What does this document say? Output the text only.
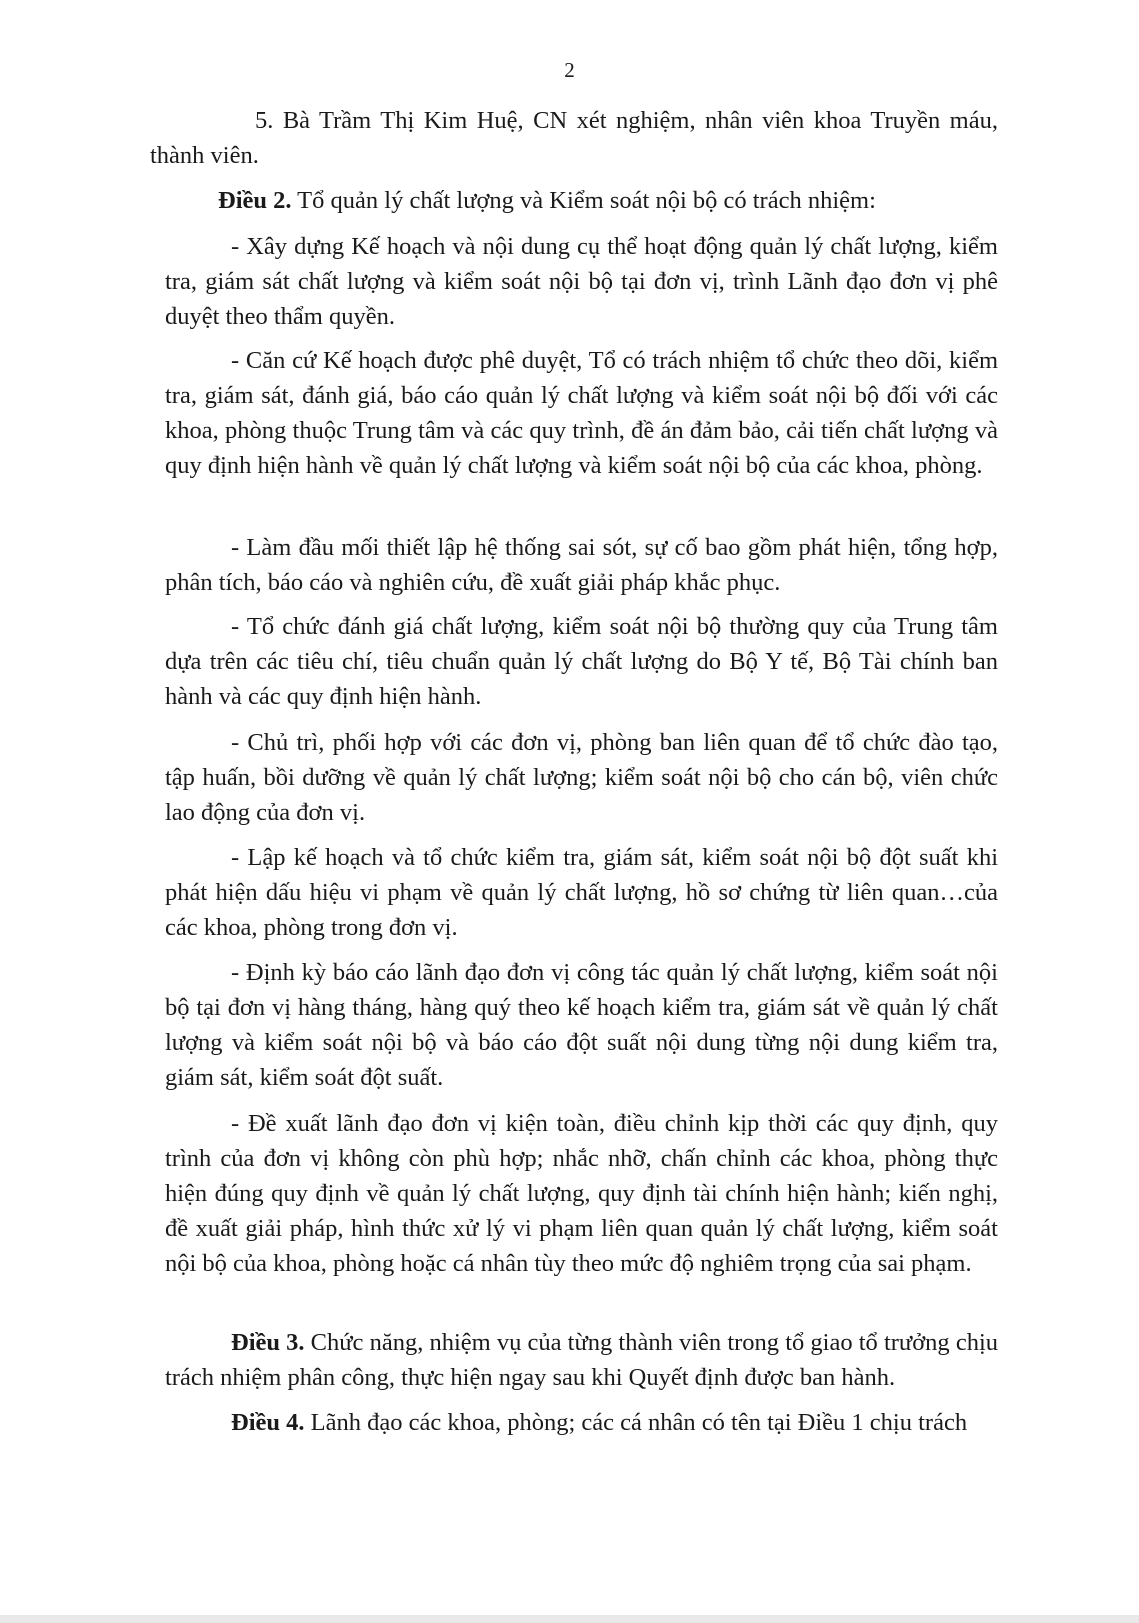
2

5. Bà Trầm Thị Kim Huệ, CN xét nghiệm, nhân viên khoa Truyền máu, thành viên.

Điều 2. Tổ quản lý chất lượng và Kiểm soát nội bộ có trách nhiệm:

- Xây dựng Kế hoạch và nội dung cụ thể hoạt động quản lý chất lượng, kiểm tra, giám sát chất lượng và kiểm soát nội bộ tại đơn vị, trình Lãnh đạo đơn vị phê duyệt theo thẩm quyền.

- Căn cứ Kế hoạch được phê duyệt, Tổ có trách nhiệm tổ chức theo dõi, kiểm tra, giám sát, đánh giá, báo cáo quản lý chất lượng và kiểm soát nội bộ đối với các khoa, phòng thuộc Trung tâm và các quy trình, đề án đảm bảo, cải tiến chất lượng và quy định hiện hành về quản lý chất lượng và kiểm soát nội bộ của các khoa, phòng.

- Làm đầu mối thiết lập hệ thống sai sót, sự cố bao gồm phát hiện, tổng hợp, phân tích, báo cáo và nghiên cứu, đề xuất giải pháp khắc phục.

- Tổ chức đánh giá chất lượng, kiểm soát nội bộ thường quy của Trung tâm dựa trên các tiêu chí, tiêu chuẩn quản lý chất lượng do Bộ Y tế, Bộ Tài chính ban hành và các quy định hiện hành.

- Chủ trì, phối hợp với các đơn vị, phòng ban liên quan để tổ chức đào tạo, tập huấn, bồi dưỡng về quản lý chất lượng; kiểm soát nội bộ cho cán bộ, viên chức lao động của đơn vị.

- Lập kế hoạch và tổ chức kiểm tra, giám sát, kiểm soát nội bộ đột suất khi phát hiện dấu hiệu vi phạm về quản lý chất lượng, hồ sơ chứng từ liên quan…của các khoa, phòng trong đơn vị.

- Định kỳ báo cáo lãnh đạo đơn vị công tác quản lý chất lượng, kiểm soát nội bộ tại đơn vị hàng tháng, hàng quý theo kế hoạch kiểm tra, giám sát về quản lý chất lượng và kiểm soát nội bộ và báo cáo đột suất nội dung từng nội dung kiểm tra, giám sát, kiểm soát đột suất.

- Đề xuất lãnh đạo đơn vị kiện toàn, điều chỉnh kịp thời các quy định, quy trình của đơn vị không còn phù hợp; nhắc nhỡ, chấn chỉnh các khoa, phòng thực hiện đúng quy định về quản lý chất lượng, quy định tài chính hiện hành; kiến nghị, đề xuất giải pháp, hình thức xử lý vi phạm liên quan quản lý chất lượng, kiểm soát nội bộ của khoa, phòng hoặc cá nhân tùy theo mức độ nghiêm trọng của sai phạm.

Điều 3. Chức năng, nhiệm vụ của từng thành viên trong tổ giao tổ trưởng chịu trách nhiệm phân công, thực hiện ngay sau khi Quyết định được ban hành.

Điều 4. Lãnh đạo các khoa, phòng; các cá nhân có tên tại Điều 1 chịu trách
